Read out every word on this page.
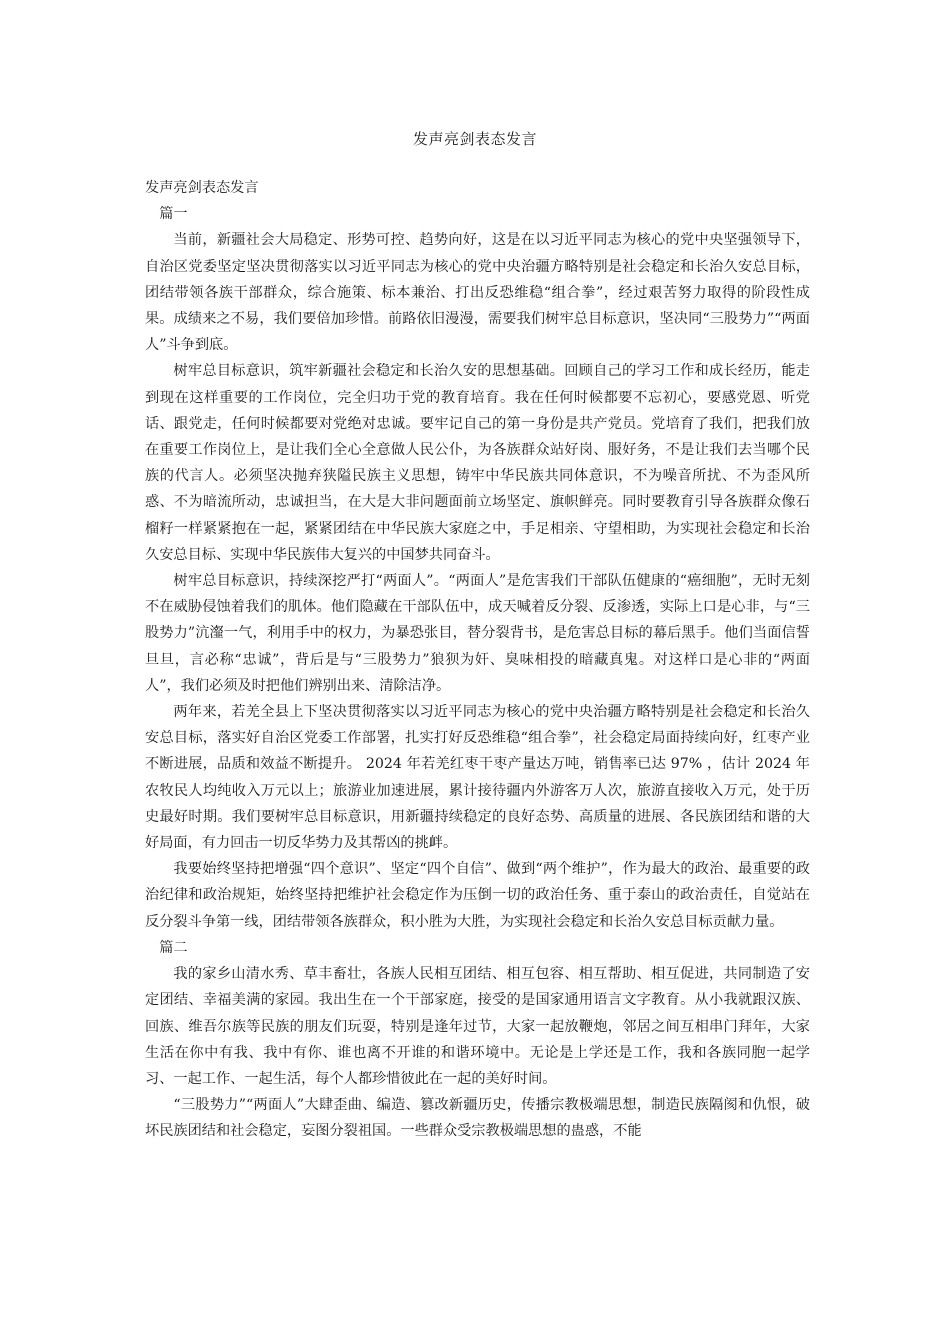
发声亮剑表态发言

发声亮剑表态发言

篇一

当前，新疆社会大局稳定、形势可控、趋势向好，这是在以习近平同志为核心的党中央坚强领导下，自治区党委坚定坚决贯彻落实以习近平同志为核心的党中央治疆方略特别是社会稳定和长治久安总目标，团结带领各族干部群众，综合施策、标本兼治、打出反恐维稳“组合拳”，经过艰苦努力取得的阶段性成果。成绩来之不易，我们要倍加珍惜。前路依旧漫漫，需要我们树牢总目标意识，坚决同“三股势力”“两面人”斗争到底。

树牢总目标意识，筑牢新疆社会稳定和长治久安的思想基础。回顾自己的学习工作和成长经历，能走到现在这样重要的工作岗位，完全归功于党的教育培育。我在任何时候都要不忘初心，要感党恩、听党话、跟党走，任何时候都要对党绝对忠诚。要牢记自己的第一身份是共产党员。党培育了我们，把我们放在重要工作岗位上，是让我们全心全意做人民公仆，为各族群众站好岗、服好务，不是让我们去当哪个民族的代言人。必须坚决抛弃狭隘民族主义思想，铸牢中华民族共同体意识，不为噪音所扰、不为歪风所惑、不为暗流所动，忠诚担当，在大是大非问题面前立场坚定、旗帜鲜亮。同时要教育引导各族群众像石榴籽一样紧紧抱在一起，紧紧团结在中华民族大家庭之中，手足相亲、守望相助，为实现社会稳定和长治久安总目标、实现中华民族伟大复兴的中国梦共同奋斗。

树牢总目标意识，持续深挖严打“两面人”。“两面人”是危害我们干部队伍健康的“癌细胞”，无时无刻不在威胁侵蚀着我们的肌体。他们隐藏在干部队伍中，成天喊着反分裂、反渗透，实际上口是心非，与“三股势力”沆瀣一气，利用手中的权力，为暴恐张目，替分裂背书，是危害总目标的幕后黑手。他们当面信誓旦旦，言必称“忠诚”，背后是与“三股势力”狼狈为奸、臭味相投的暗藏真鬼。对这样口是心非的“两面人”，我们必须及时把他们辨别出来、清除洁净。

两年来，若羌全县上下坚决贯彻落实以习近平同志为核心的党中央治疆方略特别是社会稳定和长治久安总目标，落实好自治区党委工作部署，扎实打好反恐维稳“组合拳”，社会稳定局面持续向好，红枣产业不断进展，品质和效益不断提升。 2024 年若羌红枣干枣产量达万吨，销售率已达 97% ，估计 2024 年农牧民人均纯收入万元以上；旅游业加速进展，累计接待疆内外游客万人次，旅游直接收入万元，处于历史最好时期。我们要树牢总目标意识，用新疆持续稳定的良好态势、高质量的进展、各民族团结和谐的大好局面，有力回击一切反华势力及其帮凶的挑衅。

我要始终坚持把增强“四个意识”、坚定“四个自信”、做到“两个维护”，作为最大的政治、最重要的政治纪律和政治规矩，始终坚持把维护社会稳定作为压倒一切的政治任务、重于泰山的政治责任，自觉站在反分裂斗争第一线，团结带领各族群众，积小胜为大胜，为实现社会稳定和长治久安总目标贡献力量。

篇二

我的家乡山清水秀、草丰畜壮，各族人民相互团结、相互包容、相互帮助、相互促进，共同制造了安定团结、幸福美满的家园。我出生在一个干部家庭，接受的是国家通用语言文字教育。从小我就跟汉族、回族、维吾尔族等民族的朋友们玩耍，特别是逢年过节，大家一起放鞭炮，邻居之间互相串门拜年，大家生活在你中有我、我中有你、谁也离不开谁的和谐环境中。无论是上学还是工作，我和各族同胞一起学习、一起工作、一起生活，每个人都珍惜彼此在一起的美好时间。

“三股势力”“两面人”大肆歪曲、编造、篡改新疆历史，传播宗教极端思想，制造民族隔阂和仇恨，破坏民族团结和社会稳定，妄图分裂祖国。一些群众受宗教极端思想的蛊惑，不能
